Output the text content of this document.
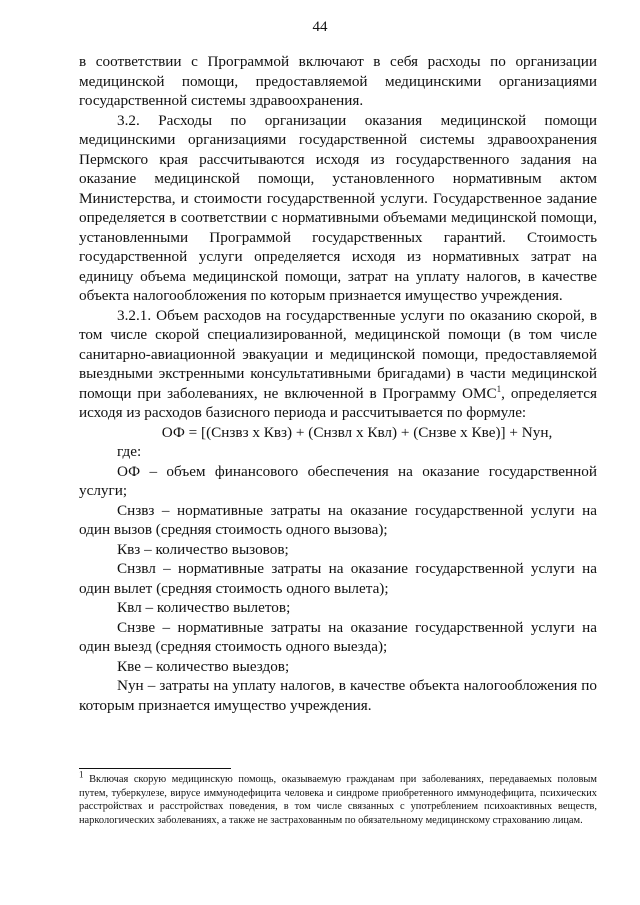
44

в соответствии с Программой включают в себя расходы по организации медицинской помощи, предоставляемой медицинскими организациями государственной системы здравоохранения.

3.2. Расходы по организации оказания медицинской помощи медицинскими организациями государственной системы здравоохранения Пермского края рассчитываются исходя из государственного задания на оказание медицинской помощи, установленного нормативным актом Министерства, и стоимости государственной услуги. Государственное задание определяется в соответствии с нормативными объемами медицинской помощи, установленными Программой государственных гарантий. Стоимость государственной услуги определяется исходя из нормативных затрат на единицу объема медицинской помощи, затрат на уплату налогов, в качестве объекта налогообложения по которым признается имущество учреждения.

3.2.1. Объем расходов на государственные услуги по оказанию скорой, в том числе скорой специализированной, медицинской помощи (в том числе санитарно-авиационной эвакуации и медицинской помощи, предоставляемой выездными экстренными консультативными бригадами) в части медицинской помощи при заболеваниях, не включенной в Программу ОМС$^1$, определяется исходя из расходов базисного периода и рассчитывается по формуле:

ОФ = [(Снзвз х Квз) + (Снзвл х Квл) + (Снзве х Кве)] + Nун,

где:

ОФ – объем финансового обеспечения на оказание государственной услуги;

Снзвз – нормативные затраты на оказание государственной услуги на один вызов (средняя стоимость одного вызова);

Квз – количество вызовов;

Снзвл – нормативные затраты на оказание государственной услуги на один вылет (средняя стоимость одного вылета);

Квл – количество вылетов;

Снзве – нормативные затраты на оказание государственной услуги на один выезд (средняя стоимость одного выезда);

Кве – количество выездов;

Nун – затраты на уплату налогов, в качестве объекта налогообложения по которым признается имущество учреждения.

$^1$ Включая скорую медицинскую помощь, оказываемую гражданам при заболеваниях, передаваемых половым путем, туберкулезе, вирусе иммунодефицита человека и синдроме приобретенного иммунодефицита, психических расстройствах и расстройствах поведения, в том числе связанных с употреблением психоактивных веществ, наркологических заболеваниях, а также не застрахованным по обязательному медицинскому страхованию лицам.
